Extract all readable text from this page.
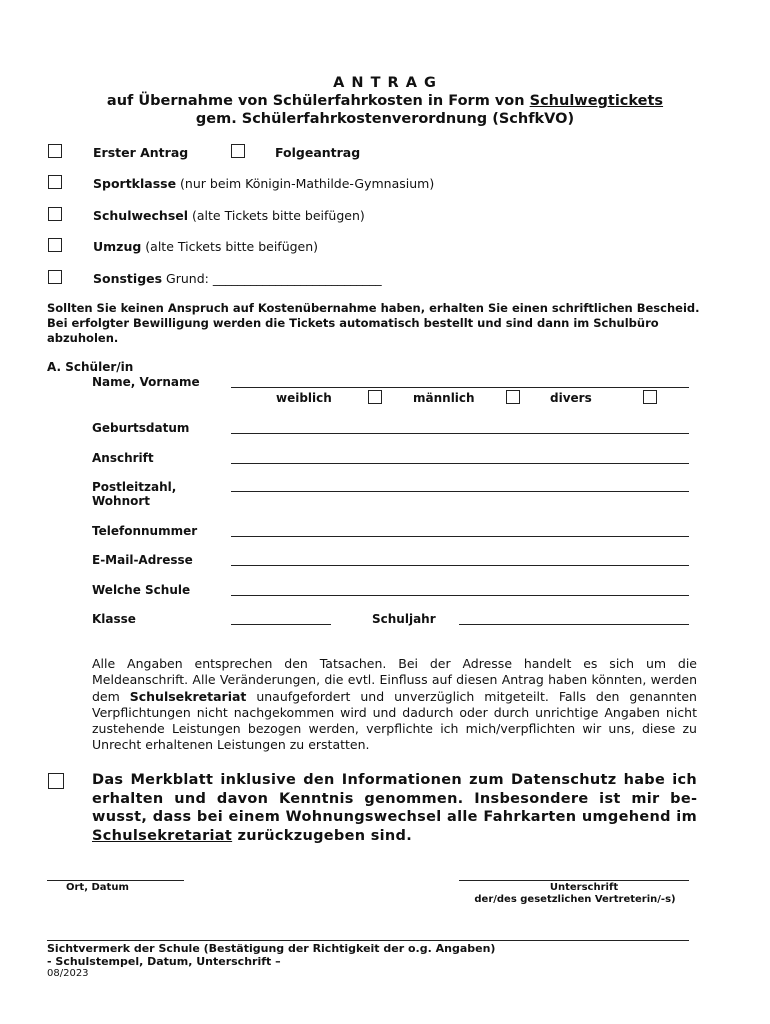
A N T R A G
auf Übernahme von Schülerfahrkosten in Form von Schulwegtickets
gem. Schülerfahrkostenverordnung (SchfkVO)
Erster Antrag	Folgeantrag
Sportklasse (nur beim Königin-Mathilde-Gymnasium)
Schulwechsel (alte Tickets bitte beifügen)
Umzug (alte Tickets bitte beifügen)
Sonstiges Grund: ___________________________
Sollten Sie keinen Anspruch auf Kostenübernahme haben, erhalten Sie einen schriftlichen Bescheid. Bei erfolgter Bewilligung werden die Tickets automatisch bestellt und sind dann im Schulbüro abzuholen.
A. Schüler/in
Name, Vorname
weiblich	männlich	divers
Geburtsdatum
Anschrift
Postleitzahl,
Wohnort
Telefonnummer
E-Mail-Adresse
Welche Schule
Klasse	Schuljahr
Alle Angaben entsprechen den Tatsachen. Bei der Adresse handelt es sich um die Meldeanschrift. Alle Veränderungen, die evtl. Einfluss auf diesen Antrag haben könnten, werden dem Schulsekretariat unaufgefordert und unverzüglich mitgeteilt. Falls den genannten Verpflichtungen nicht nachgekommen wird und dadurch oder durch unrichtige Angaben nicht zustehende Leistungen bezogen werden, verpflichte ich mich/verpflichten wir uns, diese zu Unrecht erhaltenen Leistungen zu erstatten.
Das Merkblatt inklusive den Informationen zum Datenschutz habe ich erhalten und davon Kenntnis genommen. Insbesondere ist mir bewusst, dass bei einem Wohnungswechsel alle Fahrkarten umgehend im Schulsekretariat zurückzugeben sind.
Ort, Datum	Unterschrift
der/des gesetzlichen Vertreterin/-s)
Sichtvermerk der Schule (Bestätigung der Richtigkeit der o.g. Angaben)
- Schulstempel, Datum, Unterschrift –
08/2023
